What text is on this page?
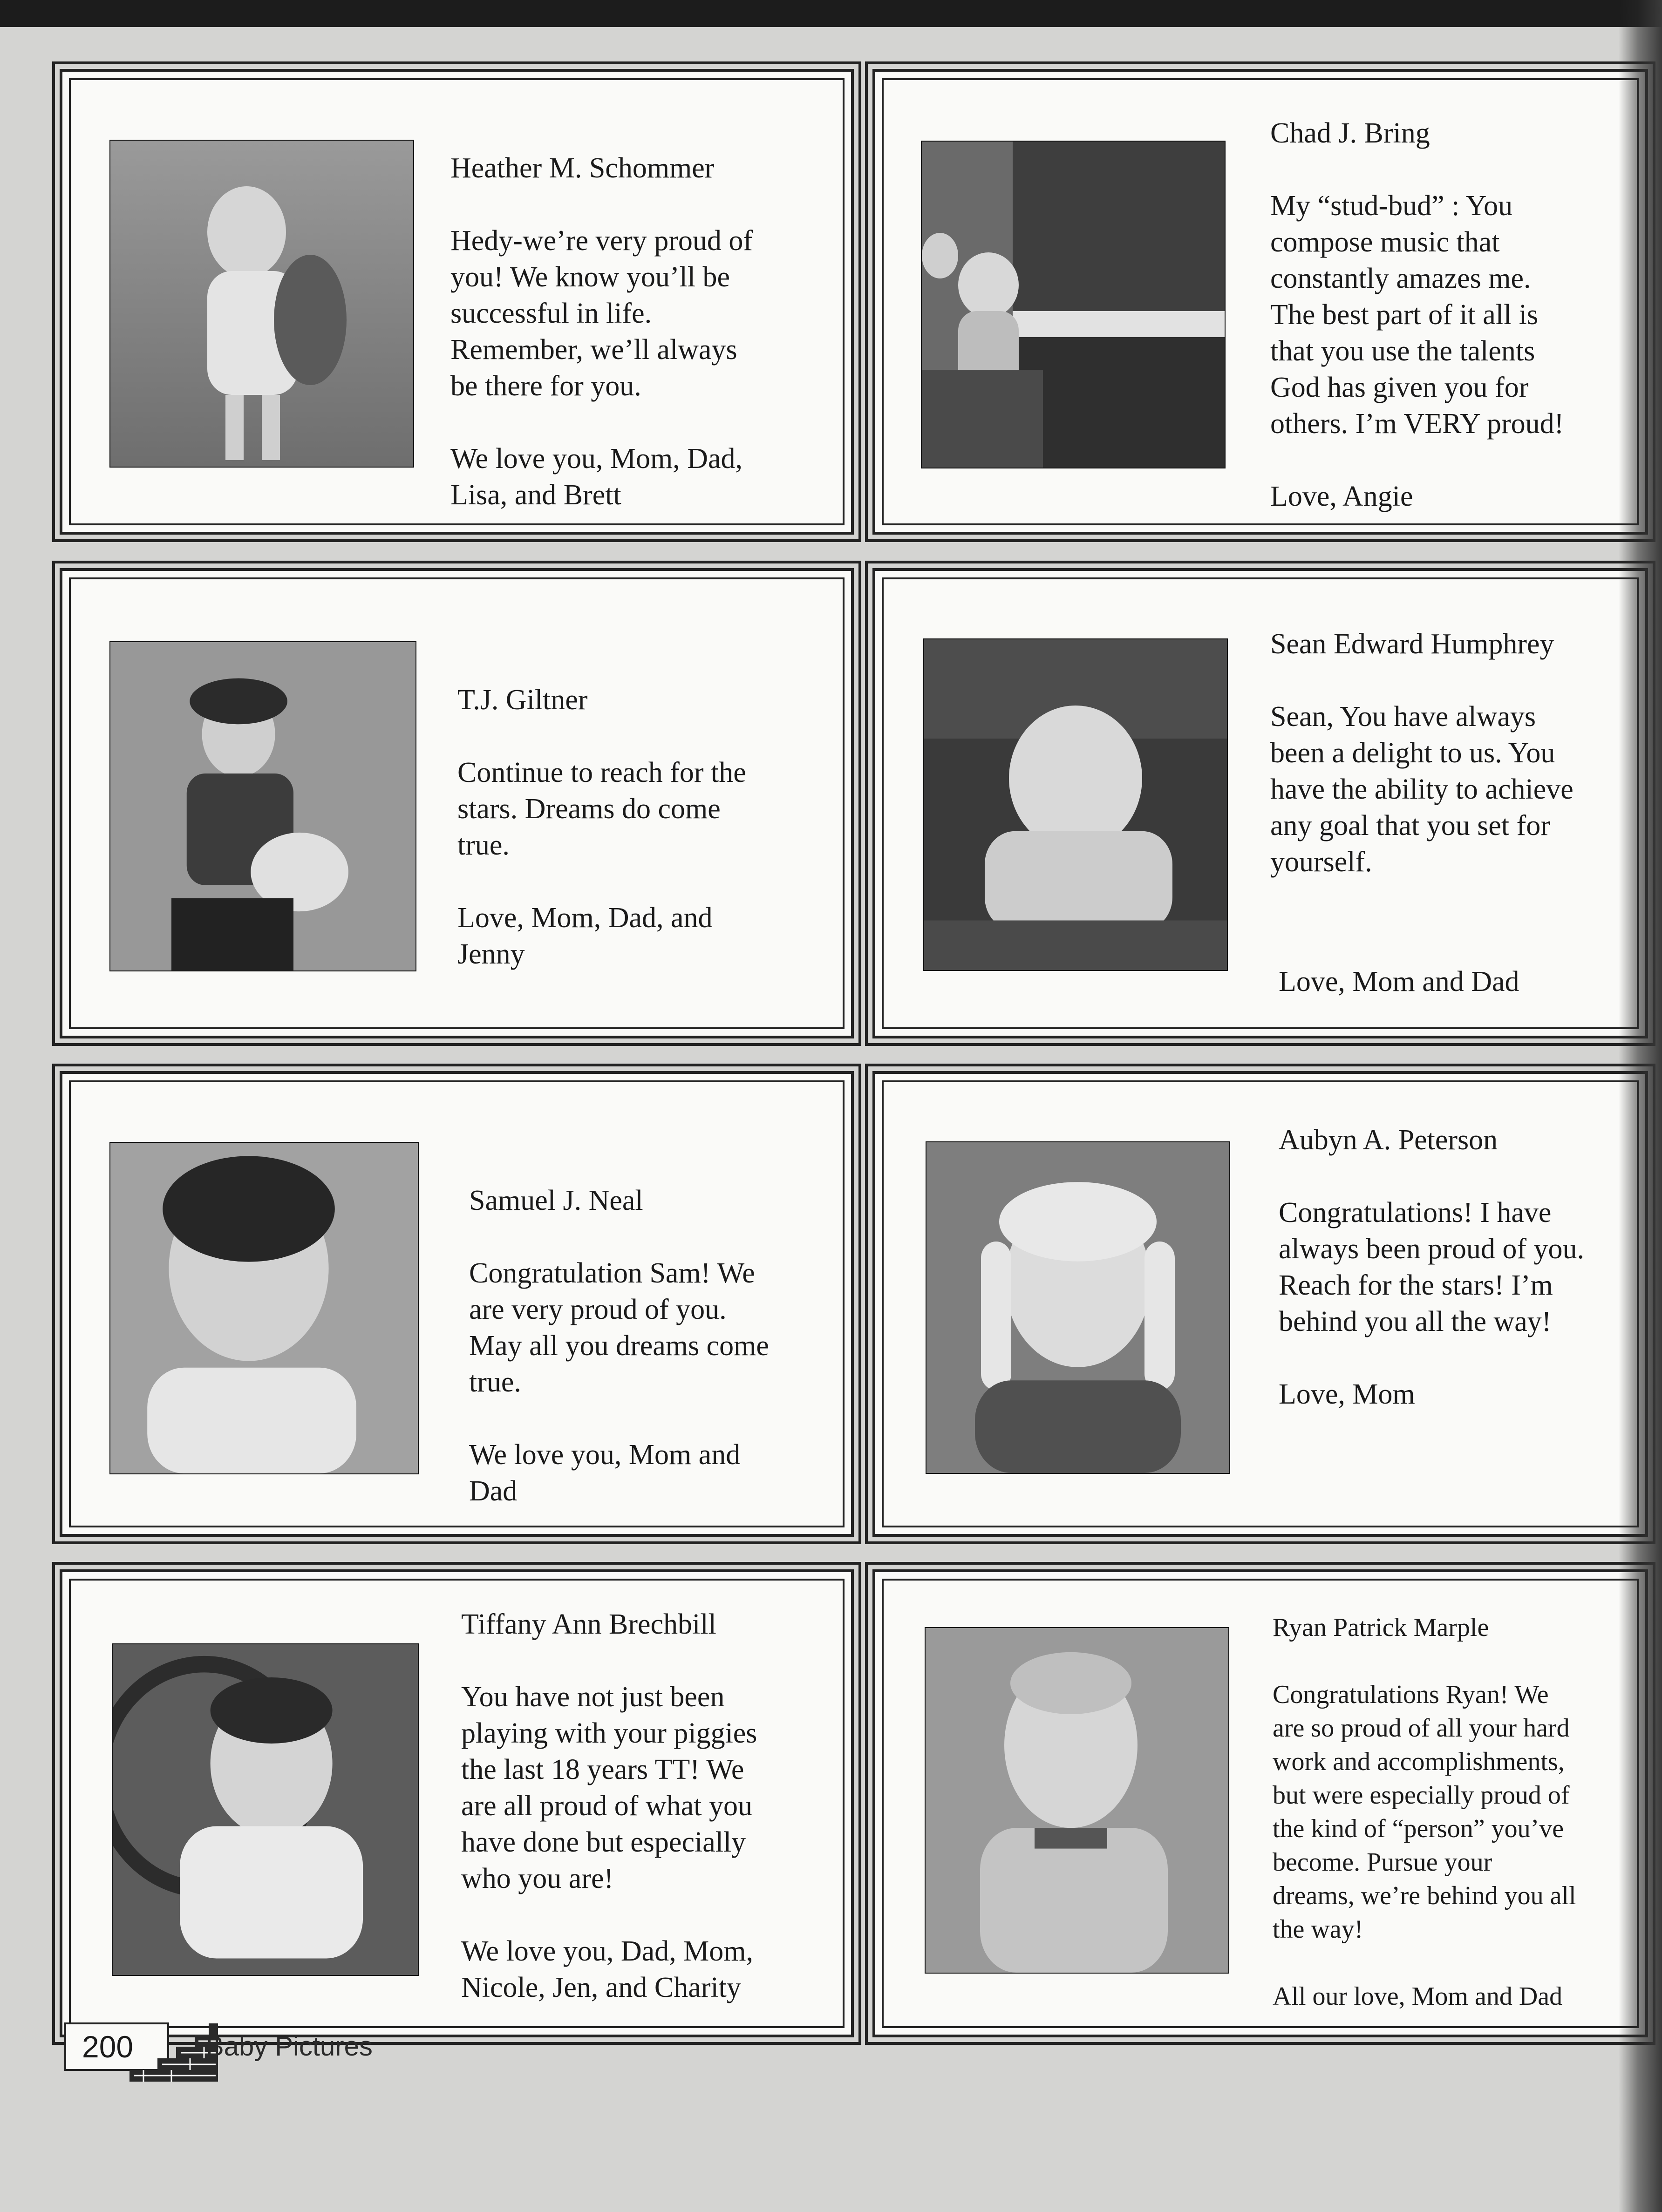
Heather M. Schommer
Hedy-we’re very proud of
you! We know you’ll be
successful in life.
Remember, we’ll always
be there for you.
We love you, Mom, Dad,
Lisa, and Brett
Chad J. Bring
My “stud-bud” : You
compose music that
constantly amazes me.
The best part of it all is
that you use the talents
God has given you for
others. I’m VERY proud!
Love, Angie
T.J. Giltner
Continue to reach for the
stars. Dreams do come
true.
Love, Mom, Dad, and
Jenny
Sean Edward Humphrey
Sean, You have always
been a delight to us. You
have the ability to achieve
any goal that you set for
yourself.
Love, Mom and Dad
Samuel J. Neal
Congratulation Sam! We
are very proud of you.
May all you dreams come
true.
We love you, Mom and
Dad
Aubyn A. Peterson
Congratulations! I have
always been proud of you.
Reach for the stars! I’m
behind you all the way!
Love, Mom
Tiffany Ann Brechbill
You have not just been
playing with your piggies
the last 18 years TT! We
are all proud of what you
have done but especially
who you are!
We love you, Dad, Mom,
Nicole, Jen, and Charity
Ryan Patrick Marple
Congratulations Ryan! We
are so proud of all your hard
work and accomplishments,
but were especially proud of
the kind of “person” you’ve
become. Pursue your
dreams, we’re behind you all
the way!
All our love, Mom and Dad
200	Baby Pictures
